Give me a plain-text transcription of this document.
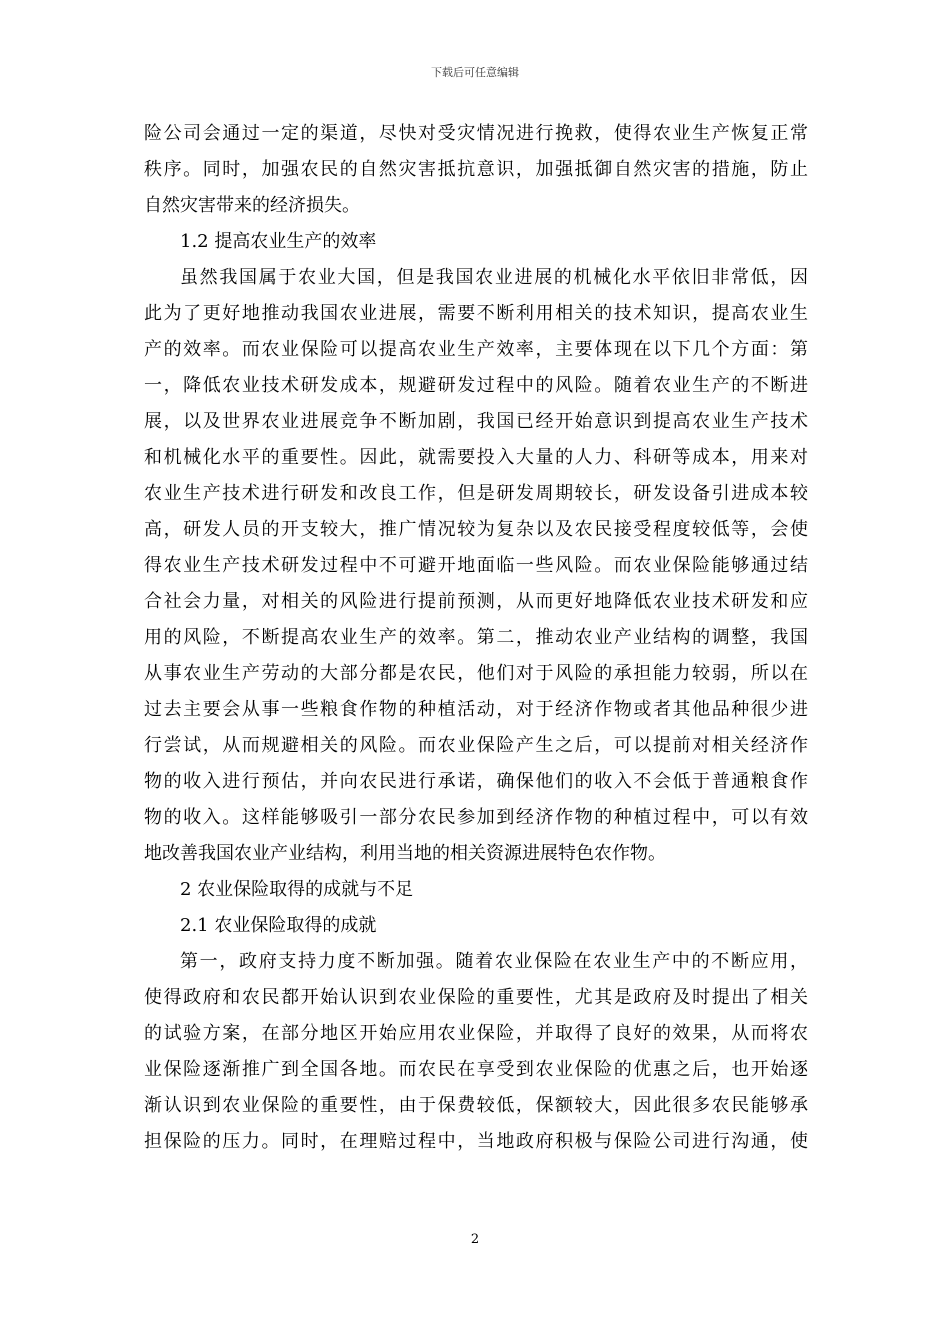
下载后可任意编辑
险公司会通过一定的渠道，尽快对受灾情况进行挽救，使得农业生产恢复正常
秩序。同时，加强农民的自然灾害抵抗意识，加强抵御自然灾害的措施，防止
自然灾害带来的经济损失。
1.2 提高农业生产的效率
虽然我国属于农业大国，但是我国农业进展的机械化水平依旧非常低，因
此为了更好地推动我国农业进展，需要不断利用相关的技术知识，提高农业生
产的效率。而农业保险可以提高农业生产效率，主要体现在以下几个方面：第
一，降低农业技术研发成本，规避研发过程中的风险。随着农业生产的不断进
展，以及世界农业进展竞争不断加剧，我国已经开始意识到提高农业生产技术
和机械化水平的重要性。因此，就需要投入大量的人力、科研等成本，用来对
农业生产技术进行研发和改良工作，但是研发周期较长，研发设备引进成本较
高，研发人员的开支较大，推广情况较为复杂以及农民接受程度较低等，会使
得农业生产技术研发过程中不可避开地面临一些风险。而农业保险能够通过结
合社会力量，对相关的风险进行提前预测，从而更好地降低农业技术研发和应
用的风险，不断提高农业生产的效率。第二，推动农业产业结构的调整，我国
从事农业生产劳动的大部分都是农民，他们对于风险的承担能力较弱，所以在
过去主要会从事一些粮食作物的种植活动，对于经济作物或者其他品种很少进
行尝试，从而规避相关的风险。而农业保险产生之后，可以提前对相关经济作
物的收入进行预估，并向农民进行承诺，确保他们的收入不会低于普通粮食作
物的收入。这样能够吸引一部分农民参加到经济作物的种植过程中，可以有效
地改善我国农业产业结构，利用当地的相关资源进展特色农作物。
2 农业保险取得的成就与不足
2.1 农业保险取得的成就
第一，政府支持力度不断加强。随着农业保险在农业生产中的不断应用，
使得政府和农民都开始认识到农业保险的重要性，尤其是政府及时提出了相关
的试验方案，在部分地区开始应用农业保险，并取得了良好的效果，从而将农
业保险逐渐推广到全国各地。而农民在享受到农业保险的优惠之后，也开始逐
渐认识到农业保险的重要性，由于保费较低，保额较大，因此很多农民能够承
担保险的压力。同时，在理赔过程中，当地政府积极与保险公司进行沟通，使
2
